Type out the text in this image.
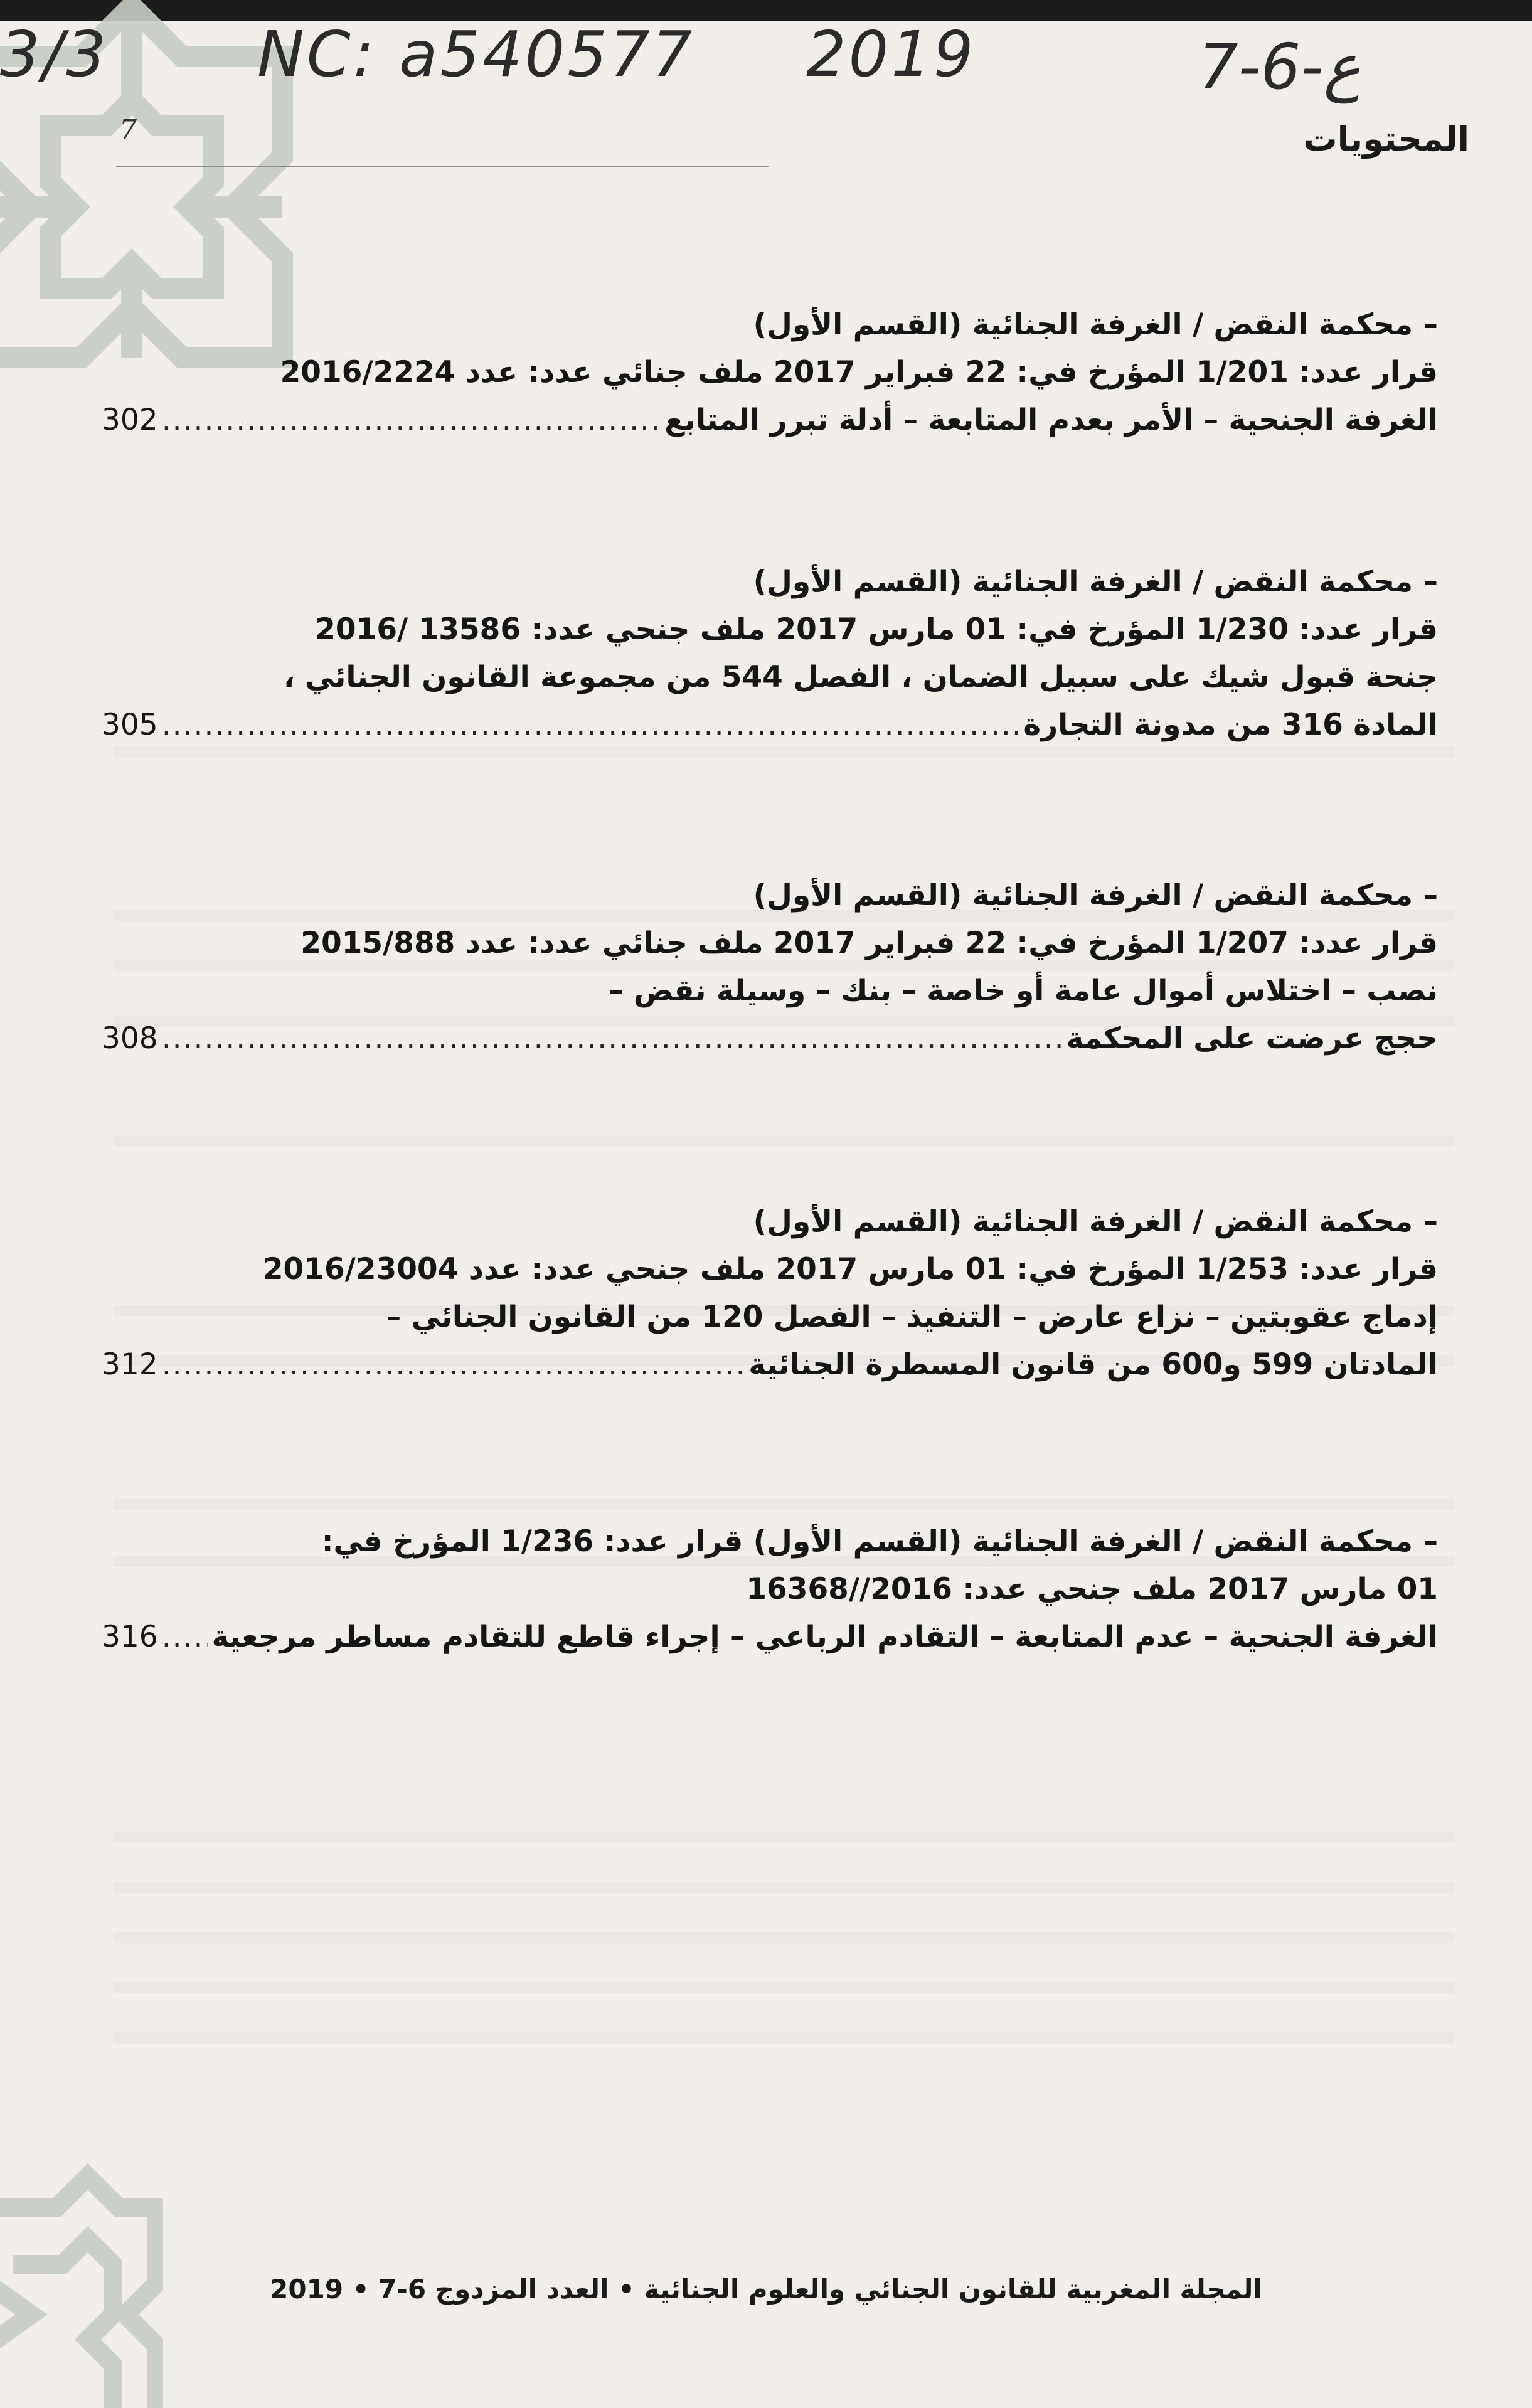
3/3 NC: a540577 2019	7-6-ع
7	المحتويات
– محكمة النقض / الغرفة الجنائية (القسم الأول)
قرار عدد: 1/201 المؤرخ في: 22 فبراير 2017 ملف جنائي عدد: عدد 2016/2224
الغرفة الجنحية – الأمر بعدم المتابعة – أدلة تبرر المتابع
.....
302
– محكمة النقض / الغرفة الجنائية (القسم الأول)
قرار عدد: 1/230 المؤرخ في: 01 مارس 2017 ملف جنحي عدد: 13586 /2016
جنحة قبول شيك على سبيل الضمان ، الفصل 544 من مجموعة القانون الجنائي ،
المادة 316 من مدونة التجارة
.....
305
– محكمة النقض / الغرفة الجنائية (القسم الأول)
قرار عدد: 1/207 المؤرخ في: 22 فبراير 2017 ملف جنائي عدد: عدد 2015/888
نصب – اختلاس أموال عامة أو خاصة – بنك – وسيلة نقض –
حجج عرضت على المحكمة
.....
308
– محكمة النقض / الغرفة الجنائية (القسم الأول)
قرار عدد: 1/253 المؤرخ في: 01 مارس 2017 ملف جنحي عدد: عدد 2016/23004
إدماج عقوبتين – نزاع عارض – التنفيذ – الفصل 120 من القانون الجنائي –
المادتان 599 و600 من قانون المسطرة الجنائية
.....
312
– محكمة النقض / الغرفة الجنائية (القسم الأول) قرار عدد: 1/236 المؤرخ في:
01 مارس 2017 ملف جنحي عدد: 2016//16368
الغرفة الجنحية – عدم المتابعة – التقادم الرباعي – إجراء قاطع للتقادم مساطر مرجعية
.....
316
المجلة المغربية للقانون الجنائي والعلوم الجنائية • العدد المزدوج 6-7 • 2019
